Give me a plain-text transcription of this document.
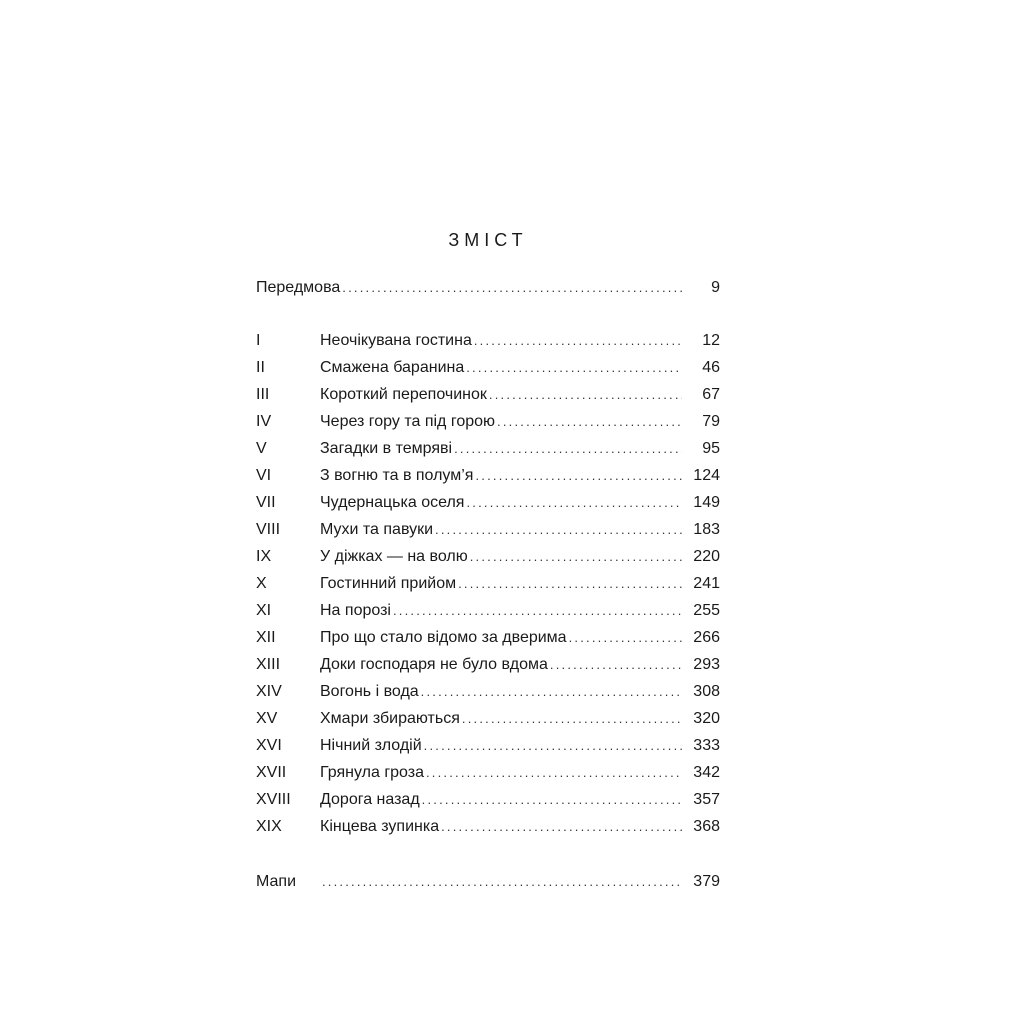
ЗМІСТ
Передмова .....	9
I	Неочікувана гостина .....	12
II	Смажена баранина .....	46
III	Короткий перепочинок .....	67
IV	Через гору та під горою .....	79
V	Загадки в темряві .....	95
VI	З вогню та в полум’я .....	124
VII	Чудернацька оселя .....	149
VIII	Мухи та павуки .....	183
IX	У діжках — на волю .....	220
X	Гостинний прийом .....	241
XI	На порозі .....	255
XII	Про що стало відомо за дверима .....	266
XIII	Доки господаря не було вдома .....	293
XIV	Вогонь і вода .....	308
XV	Хмари збираються .....	320
XVI	Нічний злодій .....	333
XVII	Грянула гроза .....	342
XVIII	Дорога назад .....	357
XIX	Кінцева зупинка .....	368
Мапи .....	379
